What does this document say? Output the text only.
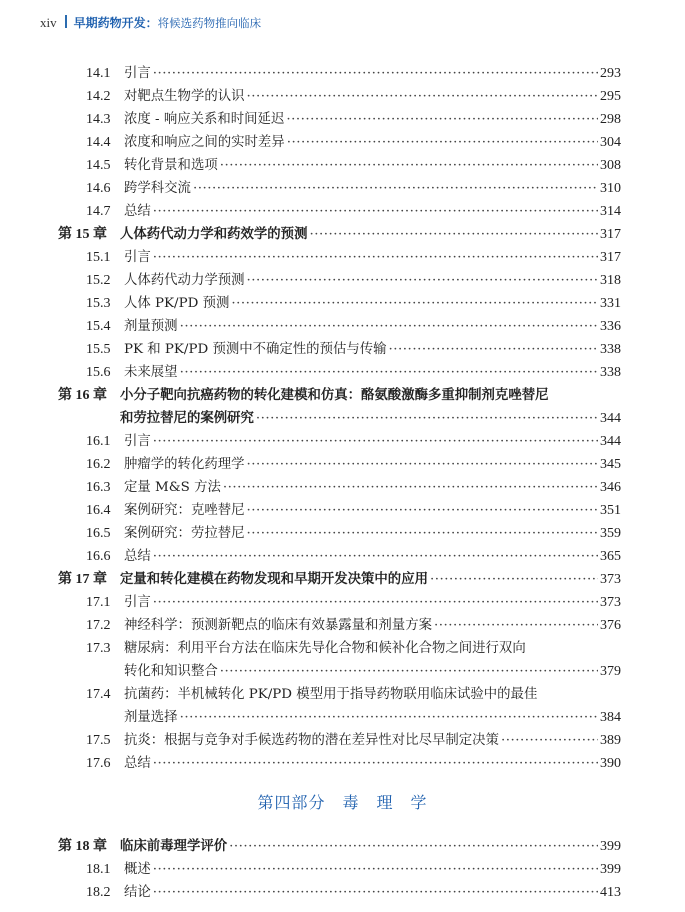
xiv 早期药物开发：将候选药物推向临床
14.1 引言 ·····	293
14.2 对靶点生物学的认识 ·····	295
14.3 浓度 - 响应关系和时间延迟 ·····	298
14.4 浓度和响应之间的实时差异 ·····	304
14.5 转化背景和选项 ·····	308
14.6 跨学科交流 ·····	310
14.7 总结 ·····	314
第 15 章 人体药代动力学和药效学的预测 ·····	317
15.1 引言 ·····	317
15.2 人体药代动力学预测 ·····	318
15.3 人体 PK/PD 预测 ·····	331
15.4 剂量预测 ·····	336
15.5 PK 和 PK/PD 预测中不确定性的预估与传输 ·····	338
15.6 未来展望 ·····	338
第 16 章 小分子靶向抗癌药物的转化建模和仿真：酪氨酸激酶多重抑制剂克唑替尼
和劳拉替尼的案例研究 ·····	344
16.1 引言 ·····	344
16.2 肿瘤学的转化药理学 ·····	345
16.3 定量 M&S 方法 ·····	346
16.4 案例研究：克唑替尼 ·····	351
16.5 案例研究：劳拉替尼 ·····	359
16.6 总结 ·····	365
第 17 章 定量和转化建模在药物发现和早期开发决策中的应用 ·····	373
17.1 引言 ·····	373
17.2 神经科学：预测新靶点的临床有效暴露量和剂量方案 ·····	376
17.3 糖尿病：利用平台方法在临床先导化合物和候补化合物之间进行双向
转化和知识整合 ·····	379
17.4 抗菌药：半机械转化 PK/PD 模型用于指导药物联用临床试验中的最佳
剂量选择 ·····	384
17.5 抗炎：根据与竞争对手候选药物的潜在差异性对比尽早制定决策 ·····	389
17.6 总结 ·····	390
第四部分　毒　理　学
第 18 章 临床前毒理学评价 ·····	399
18.1 概述 ·····	399
18.2 结论 ·····	413
